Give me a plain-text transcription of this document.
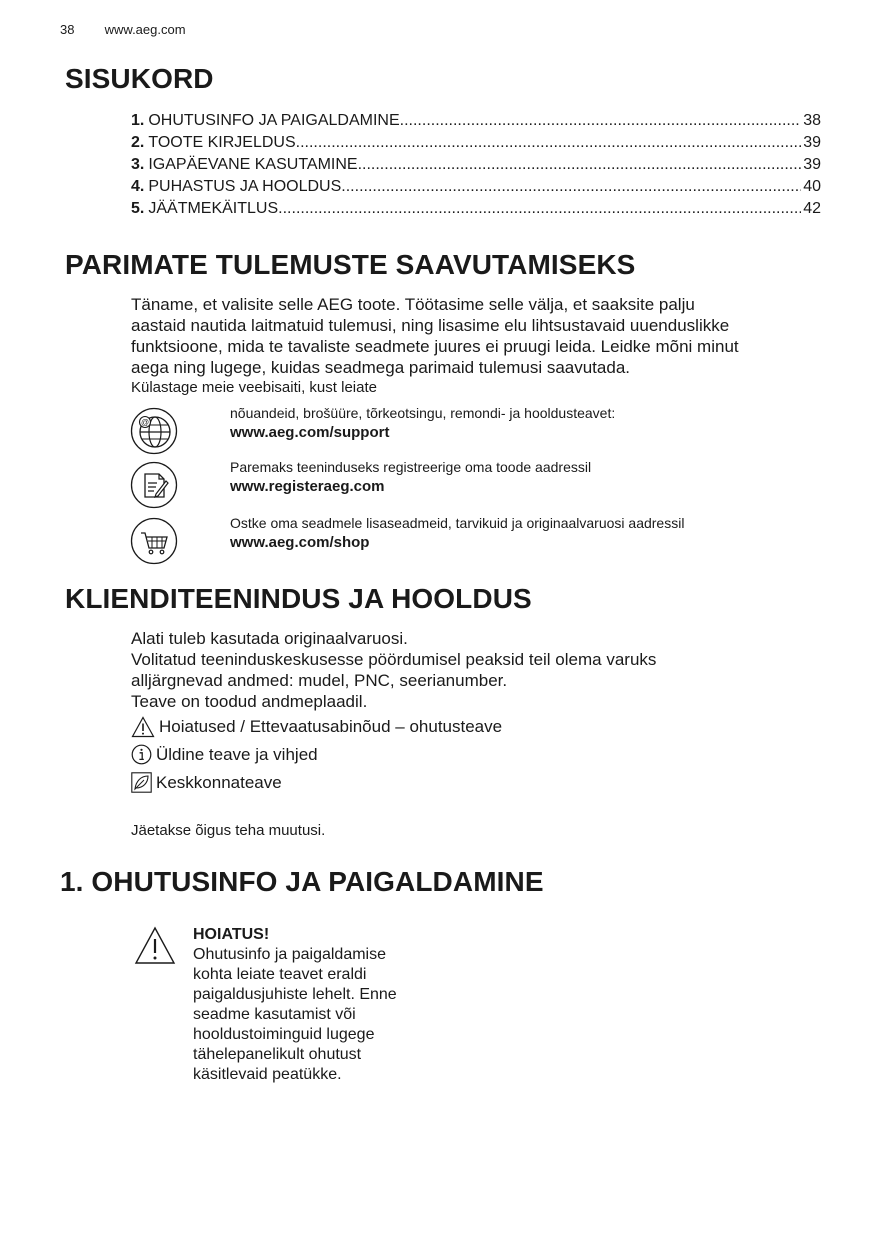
38 www.aeg.com
SISUKORD
1. OHUTUSINFO JA PAIGALDAMINE .....	38
2. TOOTE KIRJELDUS .....	39
3. IGAPÄEVANE KASUTAMINE .....	39
4. PUHASTUS JA HOOLDUS .....	40
5. JÄÄTMEKÄITLUS .....	42
PARIMATE TULEMUSTE SAAVUTAMISEKS

Täname, et valisite selle AEG toote. Töötasime selle välja, et saaksite palju

aastaid nautida laitmatuid tulemusi, ning lisasime elu lihtsustavaid uuenduslikke

funktsioone, mida te tavaliste seadmete juures ei pruugi leida. Leidke mõni minut

aega ning lugege, kuidas seadmega parimaid tulemusi saavutada.

Külastage meie veebisaiti, kust leiate

@
nõuandeid, brošüüre, tõrkeotsingu, remondi- ja hooldusteavet:
www.aeg.com/support
Paremaks teeninduseks registreerige oma toode aadressil
www.registeraeg.com
Ostke oma seadmele lisaseadmeid, tarvikuid ja originaalvaruosi aadressil
www.aeg.com/shop
KLIENDITEENINDUS JA HOOLDUS

Alati tuleb kasutada originaalvaruosi.

Volitatud teeninduskeskusesse pöördumisel peaksid teil olema varuks

alljärgnevad andmed: mudel, PNC, seerianumber.

Teave on toodud andmeplaadil.

Hoiatused / Ettevaatusabinõud – ohutusteave
Üldine teave ja vihjed
Keskkonnateave
Jäetakse õigus teha muutusi.
1. OHUTUSINFO JA PAIGALDAMINE
HOIATUS!
Ohutusinfo ja paigaldamise
kohta leiate teavet eraldi
paigaldusjuhiste lehelt. Enne
seadme kasutamist või
hooldustoiminguid lugege
tähelepanelikult ohutust
käsitlevaid peatükke.
